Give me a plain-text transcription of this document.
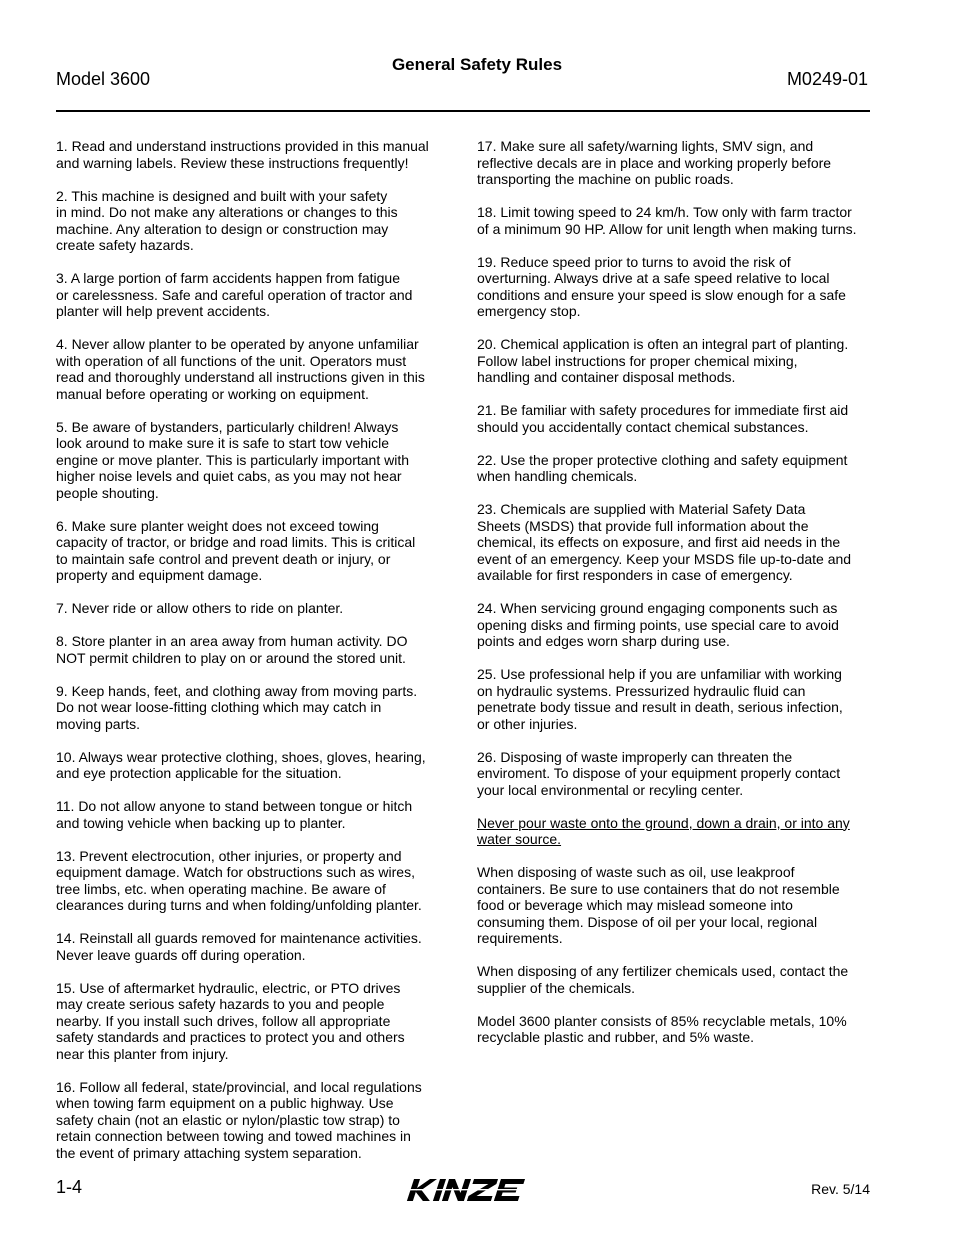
Model 3600
General Safety Rules
M0249-01

1. Read and understand instructions provided in this manual
and warning labels. Review these instructions frequently!

2. This machine is designed and built with your safety
in mind. Do not make any alterations or changes to this
machine. Any alteration to design or construction may
create safety hazards.

3. A large portion of farm accidents happen from fatigue
or carelessness. Safe and careful operation of tractor and
planter will help prevent accidents.

4. Never allow planter to be operated by anyone unfamiliar
with operation of all functions of the unit. Operators must
read and thoroughly understand all instructions given in this
manual before operating or working on equipment.

5. Be aware of bystanders, particularly children! Always
look around to make sure it is safe to start tow vehicle
engine or move planter. This is particularly important with
higher noise levels and quiet cabs, as you may not hear
people shouting.

6. Make sure planter weight does not exceed towing
capacity of tractor, or bridge and road limits. This is critical
to maintain safe control and prevent death or injury, or
property and equipment damage.

7. Never ride or allow others to ride on planter.

8. Store planter in an area away from human activity. DO
NOT permit children to play on or around the stored unit.

9. Keep hands, feet, and clothing away from moving parts.
Do not wear loose-fitting clothing which may catch in
moving parts.

10. Always wear protective clothing, shoes, gloves, hearing,
and eye protection applicable for the situation.

11. Do not allow anyone to stand between tongue or hitch
and towing vehicle when backing up to planter.

13. Prevent electrocution, other injuries, or property and
equipment damage. Watch for obstructions such as wires,
tree limbs, etc. when operating machine. Be aware of
clearances during turns and when folding/unfolding planter.

14. Reinstall all guards removed for maintenance activities.
Never leave guards off during operation.

15. Use of aftermarket hydraulic, electric, or PTO drives
may create serious safety hazards to you and people
nearby. If you install such drives, follow all appropriate
safety standards and practices to protect you and others
near this planter from injury.

16. Follow all federal, state/provincial, and local regulations
when towing farm equipment on a public highway. Use
safety chain (not an elastic or nylon/plastic tow strap) to
retain connection between towing and towed machines in
the event of primary attaching system separation.

17. Make sure all safety/warning lights, SMV sign, and
reflective decals are in place and working properly before
transporting the machine on public roads.

18. Limit towing speed to 24 km/h. Tow only with farm tractor
of a minimum 90 HP. Allow for unit length when making turns.

19. Reduce speed prior to turns to avoid the risk of
overturning. Always drive at a safe speed relative to local
conditions and ensure your speed is slow enough for a safe
emergency stop.

20. Chemical application is often an integral part of planting.
Follow label instructions for proper chemical mixing,
handling and container disposal methods.

21. Be familiar with safety procedures for immediate first aid
should you accidentally contact chemical substances.

22. Use the proper protective clothing and safety equipment
when handling chemicals.

23. Chemicals are supplied with Material Safety Data
Sheets (MSDS) that provide full information about the
chemical, its effects on exposure, and first aid needs in the
event of an emergency. Keep your MSDS file up-to-date and
available for first responders in case of emergency.

24. When servicing ground engaging components such as
opening disks and firming points, use special care to avoid
points and edges worn sharp during use.

25. Use professional help if you are unfamiliar with working
on hydraulic systems. Pressurized hydraulic fluid can
penetrate body tissue and result in death, serious infection,
or other injuries.

26. Disposing of waste improperly can threaten the
enviroment. To dispose of your equipment properly contact
your local environmental or recyling center.

Never pour waste onto the ground, down a drain, or into any
water source.

When disposing of waste such as oil, use leakproof
containers. Be sure to use containers that do not resemble
food or beverage which may mislead someone into
consuming them. Dispose of oil per your local, regional
requirements.

When disposing of any fertilizer chemicals used, contact the
supplier of the chemicals.

Model 3600 planter consists of 85% recyclable metals, 10%
recyclable plastic and rubber, and 5% waste.

1-4	Rev. 5/14
